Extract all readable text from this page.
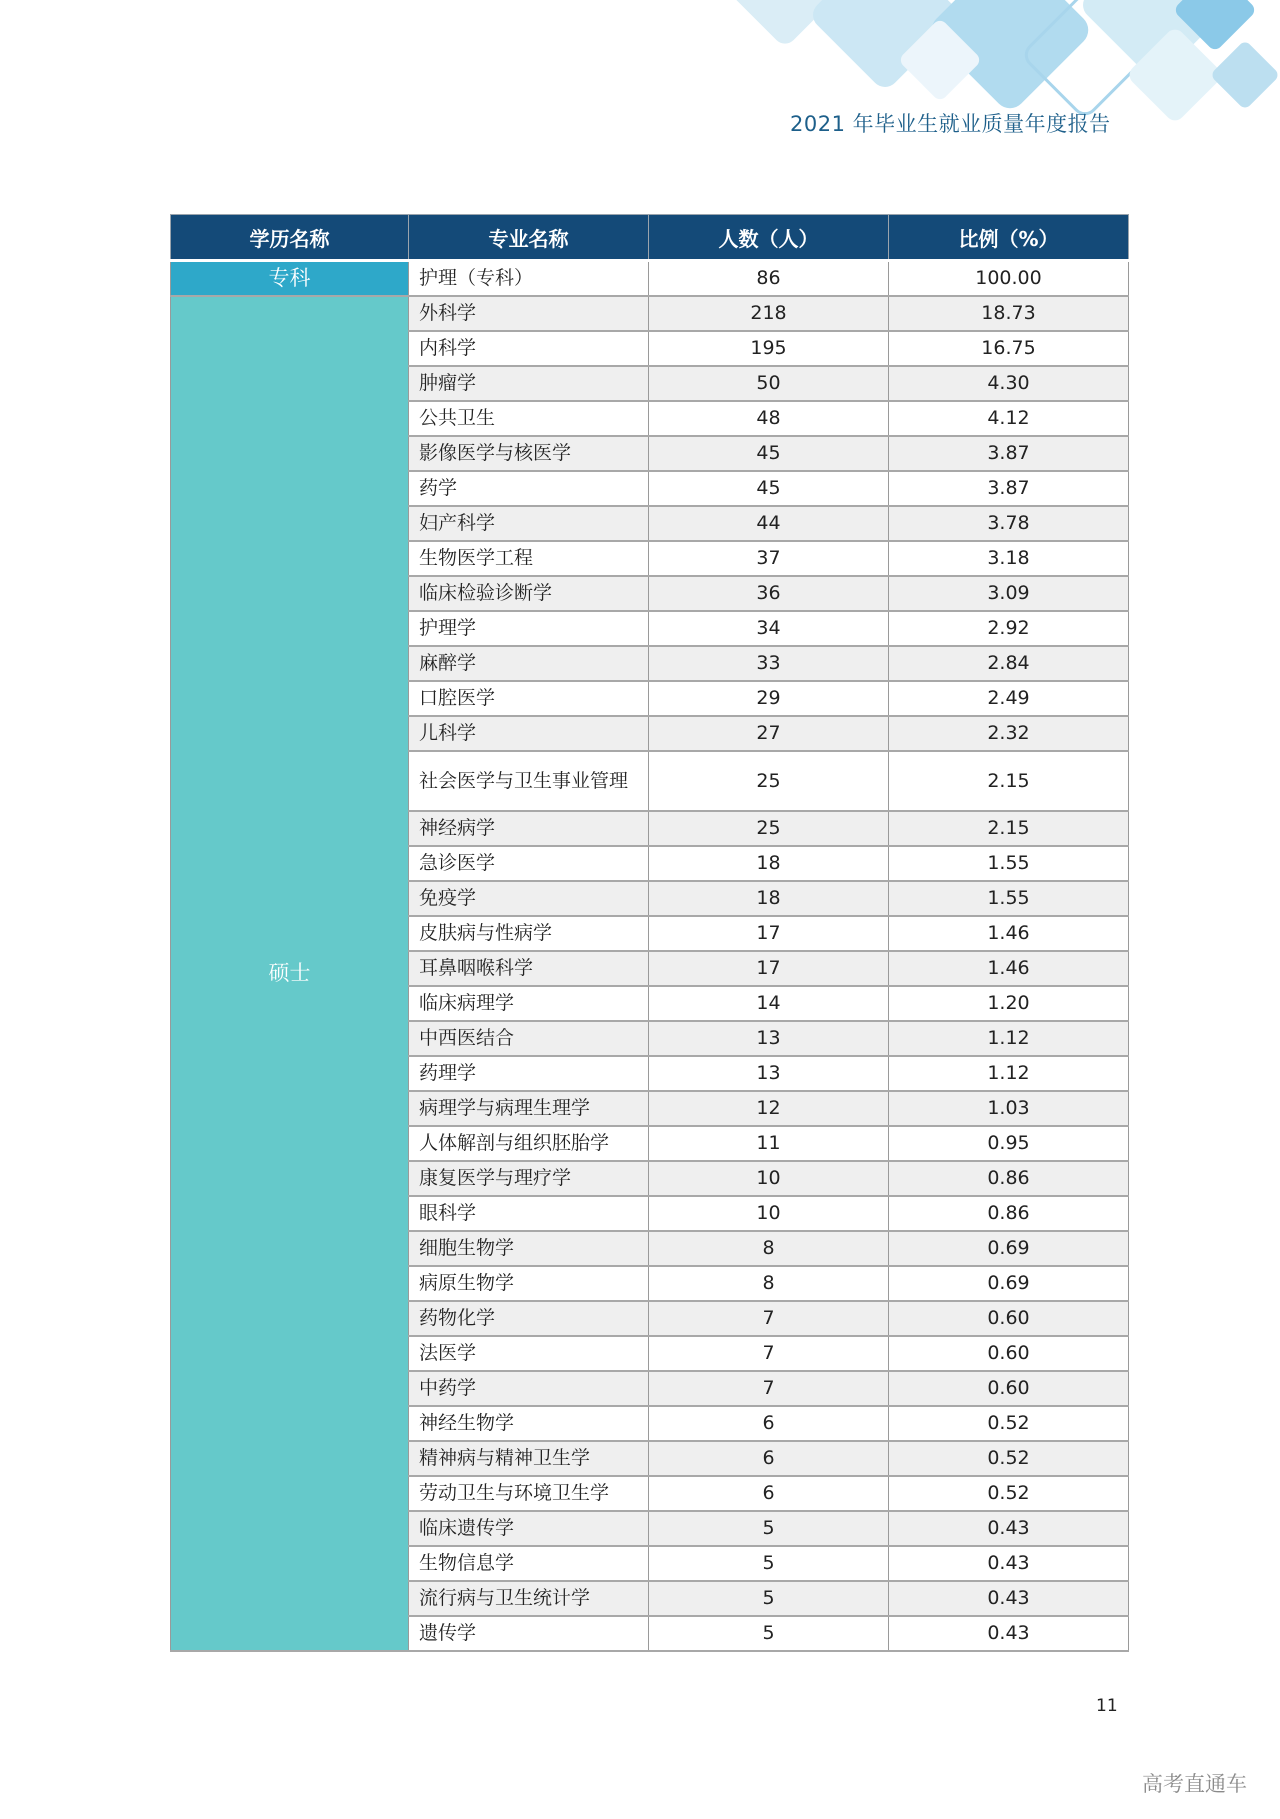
2021 年毕业生就业质量年度报告
学历名称	专业名称	人数（人）	比例（%）
专科	护理（专科）	86	100.00
硕士	外科学	218	18.73
	内科学	195	16.75
	肿瘤学	50	4.30
	公共卫生	48	4.12
	影像医学与核医学	45	3.87
	药学	45	3.87
	妇产科学	44	3.78
	生物医学工程	37	3.18
	临床检验诊断学	36	3.09
	护理学	34	2.92
	麻醉学	33	2.84
	口腔医学	29	2.49
	儿科学	27	2.32
	社会医学与卫生事业管理	25	2.15
	神经病学	25	2.15
	急诊医学	18	1.55
	免疫学	18	1.55
	皮肤病与性病学	17	1.46
	耳鼻咽喉科学	17	1.46
	临床病理学	14	1.20
	中西医结合	13	1.12
	药理学	13	1.12
	病理学与病理生理学	12	1.03
	人体解剖与组织胚胎学	11	0.95
	康复医学与理疗学	10	0.86
	眼科学	10	0.86
	细胞生物学	8	0.69
	病原生物学	8	0.69
	药物化学	7	0.60
	法医学	7	0.60
	中药学	7	0.60
	神经生物学	6	0.52
	精神病与精神卫生学	6	0.52
	劳动卫生与环境卫生学	6	0.52
	临床遗传学	5	0.43
	生物信息学	5	0.43
	流行病与卫生统计学	5	0.43
	遗传学	5	0.43
11
高考直通车
